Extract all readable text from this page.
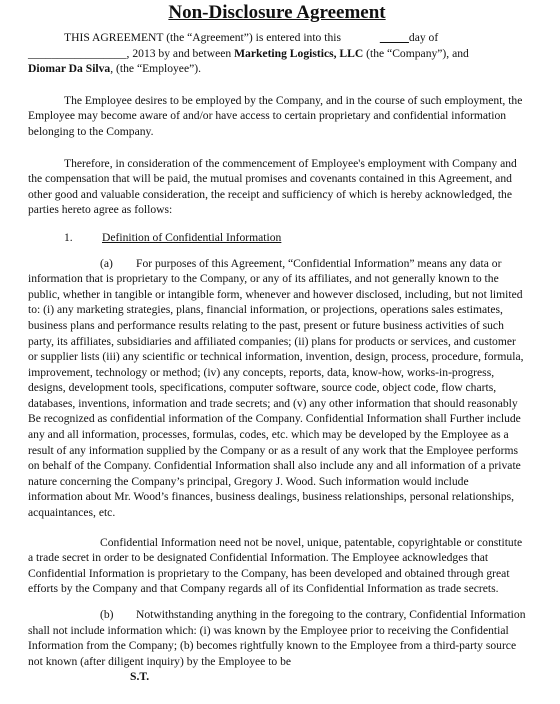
Non-Disclosure Agreement

THIS AGREEMENT (the “Agreement”) is entered into this	_____day of
_________________, 2013 by and between Marketing Logistics, LLC (the “Company”), and
Diomar Da Silva, (the “Employee”).

The Employee desires to be employed by the Company, and in the course of such employment, the Employee may become aware of and/or have access to certain proprietary and confidential information belonging to the Company.

Therefore, in consideration of the commencement of Employee's employment with Company and the compensation that will be paid, the mutual promises and covenants contained in this Agreement, and other good and valuable consideration, the receipt and sufficiency of which is hereby acknowledged, the parties hereto agree as follows:

1.	Definition of Confidential Information

(a) For purposes of this Agreement, “Confidential Information” means any data or information that is proprietary to the Company, or any of its affiliates, and not generally known to the public, whether in tangible or intangible form, whenever and however disclosed, including, but not limited to: (i) any marketing strategies, plans, financial information, or projections, operations sales estimates, business plans and performance results relating to the past, present or future business activities of such party, its affiliates, subsidiaries and affiliated companies; (ii) plans for products or services, and customer or supplier lists (iii) any scientific or technical information, invention, design, process, procedure, formula, improvement, technology or method; (iv) any concepts, reports, data, know-how, works-in-progress, designs, development tools, specifications, computer software, source code, object code, flow charts, databases, inventions, information and trade secrets; and (v) any other information that should reasonably Be recognized as confidential information of the Company. Confidential Information shall Further include any and all information, processes, formulas, codes, etc. which may be developed by the Employee as a result of any information supplied by the Company or as a result of any work that the Employee performs on behalf of the Company. Confidential Information shall also include any and all information of a private nature concerning the Company’s principal, Gregory J. Wood. Such information would include information about Mr. Wood’s finances, business dealings, business relationships, personal relationships, acquaintances, etc.

Confidential Information need not be novel, unique, patentable, copyrightable or constitute a trade secret in order to be designated Confidential Information. The Employee acknowledges that Confidential Information is proprietary to the Company, has been developed and obtained through great efforts by the Company and that Company regards all of its Confidential Information as trade secrets.

(b) Notwithstanding anything in the foregoing to the contrary, Confidential Information shall not include information which: (i) was known by the Employee prior to receiving the Confidential Information from the Company; (b) becomes rightfully known to the Employee from a third-party source not known (after diligent inquiry) by the Employee to be

S.T.
